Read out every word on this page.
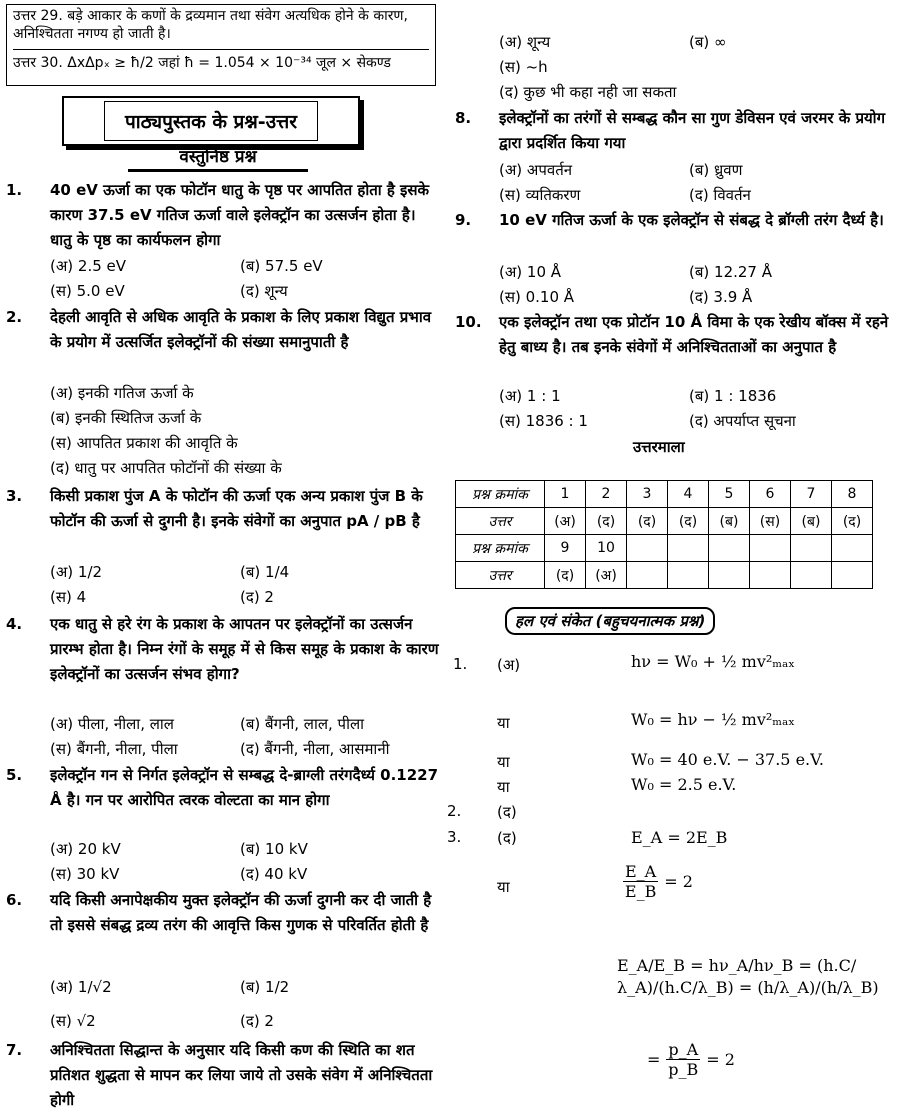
उत्तर 29. बड़े आकार के कणों के द्रव्यमान तथा संवेग अत्यधिक होने के कारण, अनिश्चितता नगण्य हो जाती है।
उत्तर 30. ΔxΔpₓ ≥ ħ/2 जहां ħ = 1.054 × 10⁻³⁴ जूल × सेकण्ड
पाठ्यपुस्तक के प्रश्न-उत्तर
वस्तुनिष्ठ प्रश्न
1. 40 eV ऊर्जा का एक फोटॉन धातु के पृष्ठ पर आपतित होता है इसके कारण 37.5 eV गतिज ऊर्जा वाले इलेक्ट्रॉन का उत्सर्जन होता है। धातु के पृष्ठ का कार्यफलन होगा
(अ) 2.5 eV	(ब) 57.5 eV
(स) 5.0 eV	(द) शून्य
2. देहली आवृति से अधिक आवृति के प्रकाश के लिए प्रकाश विद्युत प्रभाव के प्रयोग में उत्सर्जित इलेक्ट्रॉनों की संख्या समानुपाती है
(अ) इनकी गतिज ऊर्जा के
(ब) इनकी स्थितिज ऊर्जा के
(स) आपतित प्रकाश की आवृति के
(द) धातु पर आपतित फोटॉनों की संख्या के
3. किसी प्रकाश पुंज A के फोटॉन की ऊर्जा एक अन्य प्रकाश पुंज B के फोटॉन की ऊर्जा से दुगनी है। इनके संवेगों का अनुपात pA / pB है
(अ) 1/2	(ब) 1/4
(स) 4	(द) 2
4. एक धातु से हरे रंग के प्रकाश के आपतन पर इलेक्ट्रॉनों का उत्सर्जन प्रारम्भ होता है। निम्न रंगों के समूह में से किस समूह के प्रकाश के कारण इलेक्ट्रॉनों का उत्सर्जन संभव होगा?
(अ) पीला, नीला, लाल	(ब) बैंगनी, लाल, पीला
(स) बैंगनी, नीला, पीला	(द) बैंगनी, नीला, आसमानी
5. इलेक्ट्रॉन गन से निर्गत इलेक्ट्रॉन से सम्बद्ध दे-ब्राग्ली तरंगदैर्ध्य 0.1227 Å है। गन पर आरोपित त्वरक वोल्टता का मान होगा
(अ) 20 kV	(ब) 10 kV
(स) 30 kV	(द) 40 kV
6. यदि किसी अनापेक्षकीय मुक्त इलेक्ट्रॉन की ऊर्जा दुगनी कर दी जाती है तो इससे संबद्ध द्रव्य तरंग की आवृत्ति किस गुणक से परिवर्तित होती है
(अ) 1/√2	(ब) 1/2
(स) √2	(द) 2
7. अनिश्चितता सिद्धान्त के अनुसार यदि किसी कण की स्थिति का शत प्रतिशत शुद्धता से मापन कर लिया जाये तो उसके संवेग में अनिश्चितता होगी
(अ) शून्य	(ब) ∞
(स) ~h
(द) कुछ भी कहा नही जा सकता
8. इलेक्ट्रॉनों का तरंगों से सम्बद्ध कौन सा गुण डेविसन एवं जरमर के प्रयोग द्वारा प्रदर्शित किया गया
(अ) अपवर्तन	(ब) ध्रुवण
(स) व्यतिकरण	(द) विवर्तन
9. 10 eV गतिज ऊर्जा के एक इलेक्ट्रॉन से संबद्ध दे ब्रॉग्ली तरंग दैर्ध्य है।
(अ) 10 Å	(ब) 12.27 Å
(स) 0.10 Å	(द) 3.9 Å
10. एक इलेक्ट्रॉन तथा एक प्रोटॉन 10 Å विमा के एक रेखीय बॉक्स में रहने हेतु बाध्य है। तब इनके संवेगों में अनिश्चितताओं का अनुपात है
(अ) 1 : 1	(ब) 1 : 1836
(स) 1836 : 1	(द) अपर्याप्त सूचना
उत्तरमाला
प्रश्न क्रमांक	1	2	3	4	5	6	7	8
उत्तर	(अ)	(द)	(द)	(द)	(ब)	(स)	(ब)	(द)
प्रश्न क्रमांक	9	10						
उत्तर	(द)	(अ)						
हल एवं संकेत (बहुचयनात्मक प्रश्न)
1. (अ)	hν = W₀ + ½ mv²ₘₐₓ
या	W₀ = hν − ½ mv²ₘₐₓ
या	W₀ = 40 e.V. − 37.5 e.V.
या	W₀ = 2.5 e.V.
2. (द)
3. (द)	E_A = 2E_B
या	$\frac{E\_A}{E\_B} = 2$
E_A/E_B = hν_A/hν_B = (h.C/λ_A)/(h.C/λ_B) = (h/λ_A)/(h/λ_B)
= $\frac{p\_A}{p\_B} = 2$
